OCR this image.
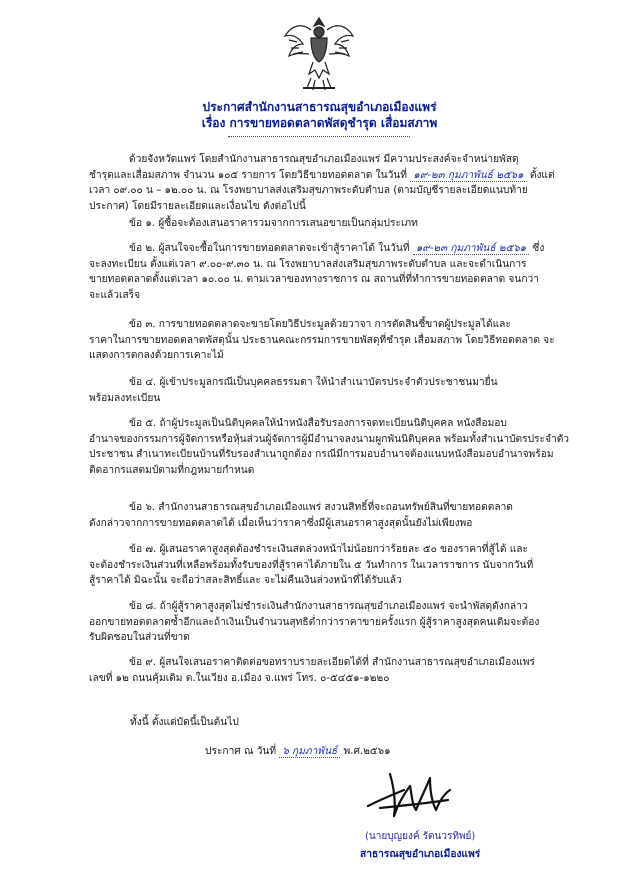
ประกาศสำนักงานสาธารณสุขอำเภอเมืองแพร่
เรื่อง การขายทอดตลาดพัสดุชำรุด เสื่อมสภาพ

ด้วยจังหวัดแพร่ โดยสำนักงานสาธารณสุขอำเภอเมืองแพร่ มีความประสงค์จะจำหน่ายพัสดุ

ชำรุดและเสื่อมสภาพ จำนวน ๑๐๕ รายการ โดยวิธีขายทอดตลาด ในวันที่ ๑๙-๒๓ กุมภาพันธ์ ๒๕๖๑ ตั้งแต่

เวลา ๐๙.๐๐ น – ๑๒.๐๐ น. ณ โรงพยาบาลส่งเสริมสุขภาพระดับตำบล (ตามบัญชีรายละเอียดแนบท้าย

ประกาศ) โดยมีรายละเอียดและเงื่อนไข ดังต่อไปนี้

ข้อ ๑. ผู้ซื้อจะต้องเสนอราคารวมจากการเสนอขายเป็นกลุ่มประเภท

ข้อ ๒. ผู้สนใจจะซื้อในการขายทอดตลาดจะเข้าสู้ราคาได้ ในวันที่ ๑๙-๒๓ กุมภาพันธ์ ๒๕๖๑ ซึ่ง

จะลงทะเบียน ตั้งแต่เวลา ๙.๐๐-๙.๓๐ น. ณ โรงพยาบาลส่งเสริมสุขภาพระดับตำบล และจะดำเนินการ

ขายทอดตลาดตั้งแต่เวลา ๑๐.๐๐ น. ตามเวลาของทางราชการ ณ สถานที่ที่ทำการขายทอดตลาด จนกว่า

จะแล้วเสร็จ

ข้อ ๓. การขายทอดตลาดจะขายโดยวิธีประมูลด้วยวาจา การตัดสินชี้ขาดผู้ประมูลได้และ

ราคาในการขายทอดตลาดพัสดุนั้น ประธานคณะกรรมการขายพัสดุที่ชำรุด เสื่อมสภาพ โดยวิธีทอดตลาด จะ

แสดงการตกลงด้วยการเคาะไม้

ข้อ ๔. ผู้เข้าประมูลกรณีเป็นบุคคลธรรมดา ให้นำสำเนาบัตรประจำตัวประชาชนมายื่น

พร้อมลงทะเบียน

ข้อ ๕. ถ้าผู้ประมูลเป็นนิติบุคคลให้นำหนังสือรับรองการจดทะเบียนนิติบุคคล หนังสือมอบ

อำนาจของกรรมการผู้จัดการหรือหุ้นส่วนผู้จัดการผู้มีอำนาจลงนามผูกพันนิติบุคคล พร้อมทั้งสำเนาบัตรประจำตัว

ประชาชน สำเนาทะเบียนบ้านที่รับรองสำเนาถูกต้อง กรณีมีการมอบอำนาจต้องแนบหนังสือมอบอำนาจพร้อม

ติดอากรแสตมป์ตามที่กฎหมายกำหนด

ข้อ ๖. สำนักงานสาธารณสุขอำเภอเมืองแพร่ สงวนสิทธิ์ที่จะถอนทรัพย์สินที่ขายทอดตลาด

ดังกล่าวจากการขายทอดตลาดได้ เมื่อเห็นว่าราคาซึ่งมีผู้เสนอราคาสูงสุดนั้นยังไม่เพียงพอ

ข้อ ๗. ผู้เสนอราคาสูงสุดต้องชำระเงินสดล่วงหน้าไม่น้อยกว่าร้อยละ ๕๐ ของราคาที่สู้ได้ และ

จะต้องชำระเงินส่วนที่เหลือพร้อมทั้งรับของที่สู้ราคาได้ภายใน ๕ วันทำการ ในเวลาราชการ นับจากวันที่

สู้ราคาได้ มิฉะนั้น จะถือว่าสละสิทธิ์และ จะไม่คืนเงินล่วงหน้าที่ได้รับแล้ว

ข้อ ๘. ถ้าผู้สู้ราคาสูงสุดไม่ชำระเงินสำนักงานสาธารณสุขอำเภอเมืองแพร่ จะนำพัสดุดังกล่าว

ออกขายทอดตลาดซ้ำอีกและถ้าเงินเป็นจำนวนสุทธิต่ำกว่าราคาขายครั้งแรก ผู้สู้ราคาสูงสุดคนเดิมจะต้อง

รับผิดชอบในส่วนที่ขาด

ข้อ ๙. ผู้สนใจเสนอราคาติดต่อขอทราบรายละเอียดได้ที่ สำนักงานสาธารณสุขอำเภอเมืองแพร่

เลขที่ ๑๒ ถนนคุ้มเดิม ต.ในเวียง อ.เมือง จ.แพร่ โทร. ๐-๕๔๕๑-๑๒๒๐

ทั้งนี้ ตั้งแต่บัดนี้เป็นต้นไป
ประกาศ ณ วันที่ ๖ กุมภาพันธ์ พ.ศ.๒๕๖๑
(นายบุญยงค์ รัตนวรทิพย์)
สาธารณสุขอำเภอเมืองแพร่
